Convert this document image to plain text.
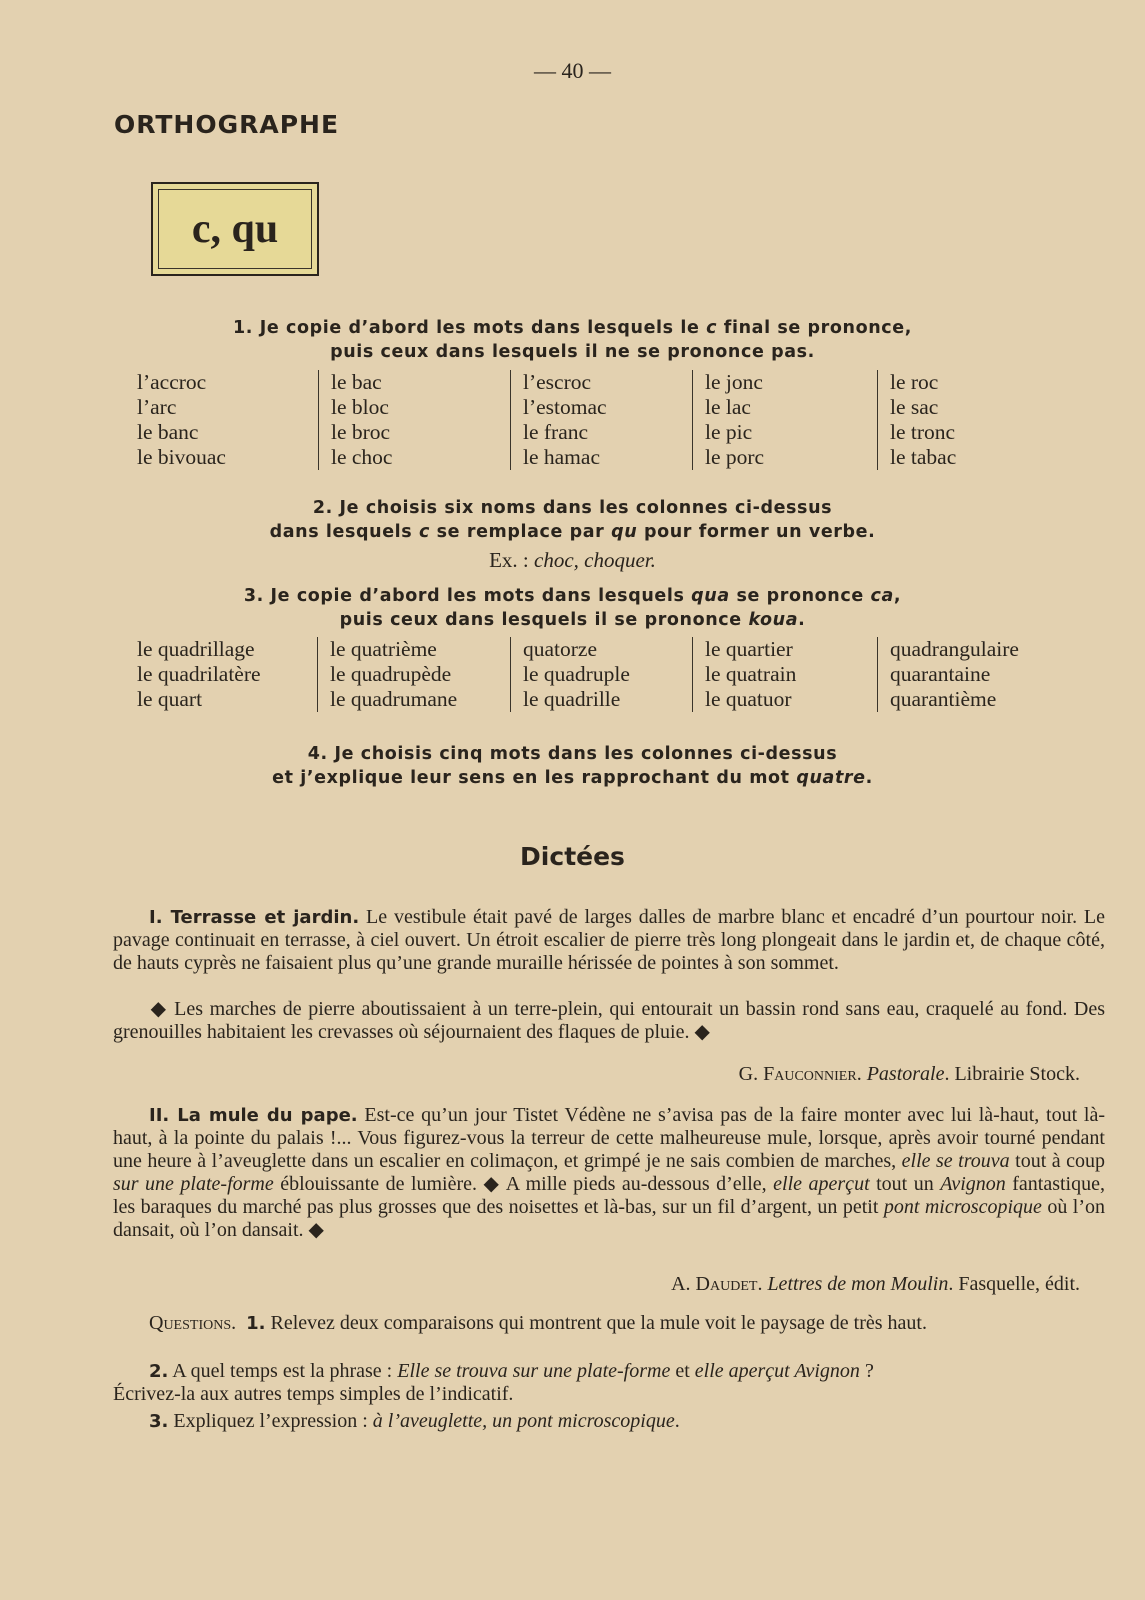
— 40 —
ORTHOGRAPHE
c, qu
1. Je copie d’abord les mots dans lesquels le c final se prononce,
puis ceux dans lesquels il ne se prononce pas.
l’accroc
l’arc
le banc
le bivouac
le bac
le bloc
le broc
le choc
l’escroc
l’estomac
le franc
le hamac
le jonc
le lac
le pic
le porc
le roc
le sac
le tronc
le tabac
2. Je choisis six noms dans les colonnes ci-dessus
dans lesquels c se remplace par qu pour former un verbe.
Ex. : choc, choquer.
3. Je copie d’abord les mots dans lesquels qua se prononce ca,
puis ceux dans lesquels il se prononce koua.
le quadrillage
le quadrilatère
le quart
le quatrième
le quadrupède
le quadrumane
quatorze
le quadruple
le quadrille
le quartier
le quatrain
le quatuor
quadrangulaire
quarantaine
quarantième
4. Je choisis cinq mots dans les colonnes ci-dessus
et j’explique leur sens en les rapprochant du mot quatre.
Dictées
I. Terrasse et jardin. Le vestibule était pavé de larges dalles de marbre blanc et encadré d’un pourtour noir. Le pavage continuait en terrasse, à ciel ouvert. Un étroit escalier de pierre très long plongeait dans le jardin et, de chaque côté, de hauts cyprès ne faisaient plus qu’une grande muraille hérissée de pointes à son sommet.
◆ Les marches de pierre aboutissaient à un terre-plein, qui entourait un bassin rond sans eau, craquelé au fond. Des grenouilles habitaient les crevasses où séjournaient des flaques de pluie. ◆
G. Fauconnier. Pastorale. Librairie Stock.
II. La mule du pape. Est-ce qu’un jour Tistet Védène ne s’avisa pas de la faire monter avec lui là-haut, tout là-haut, à la pointe du palais !... Vous figurez-vous la terreur de cette malheureuse mule, lorsque, après avoir tourné pendant une heure à l’aveuglette dans un escalier en colimaçon, et grimpé je ne sais combien de marches, elle se trouva tout à coup sur une plate-forme éblouissante de lumière. ◆ A mille pieds au-dessous d’elle, elle aperçut tout un Avignon fantastique, les baraques du marché pas plus grosses que des noisettes et là-bas, sur un fil d’argent, un petit pont microscopique où l’on dansait, où l’on dansait. ◆
A. Daudet. Lettres de mon Moulin. Fasquelle, édit.
Questions. 1. Relevez deux comparaisons qui montrent que la mule voit le paysage de très haut.
2. A quel temps est la phrase : Elle se trouva sur une plate-forme et elle aperçut Avignon ?
Écrivez-la aux autres temps simples de l’indicatif.
3. Expliquez l’expression : à l’aveuglette, un pont microscopique.
